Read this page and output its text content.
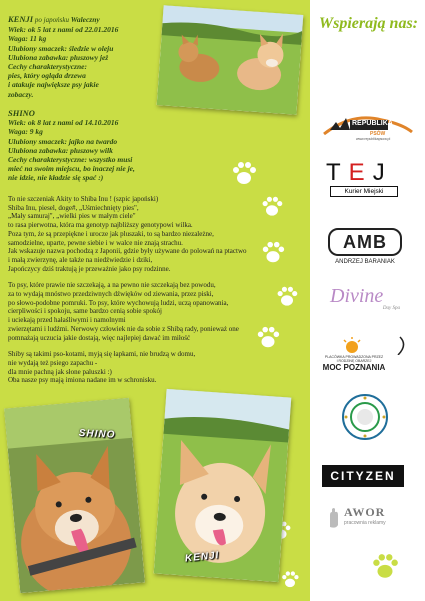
KENJI po japońsku Waleczny
Wiek: ok 5 lat z nami od 22.01.2016
Waga: 11 kg
Ulubiony smaczek: śledzie w oleju
Ulubiona zabawka: pluszowy jeż
Cechy charakterystyczne:
pies, który ogląda drzewa
i atakuje największe psy jakie
zobaczy.
SHINO
Wiek: ok 8 lat z nami od 14.10.2016
Waga: 9 kg
Ulubiony smaczek: jajko na twardo
Ulubiona zabawka: pluszowy wilk
Cechy charakterystyczne: wszystko musi
mieć na swoim miejscu, bo inaczej nie je,
nie idzie, nie kładzie się spać :)
To nie szczeniak Akity to Shiba Inu ! (szpic japoński)
Shiba Inu, piesel, doge#, „Uśmiechnięty pies",
„Mały samuraj", „wielki pies w małym ciele"
to rasa pierwotna, która ma genotyp najbliższy genotypowi wilka.
Poza tym, że są przepiękne i urocze jak pluszaki, to są bardzo niezależne,
samodzielne, uparte, pewne siebie i w walce nie znają strachu.
Jak wskazuje nazwa pochodzą z Japonii, gdzie były używane do polowań na ptactwo
i małą zwierzynę, ale także na niedźwiedzie i dziki,
Japończycy dziś traktują je przeważnie jako psy rodzinne.
To psy, które prawie nie szczekają, a na pewno nie szczekają bez powodu,
za to wydają mnóstwo przedziwnych dźwięków od ziewania, przez piski,
po słowo-podobne pomruki. To psy, które wychowują ludzi, uczą opanowania,
cierpliwości i spokoju, same bardzo cenią sobie spokój
i uciekają przed hałaśliwymi i namolnymi
zwierzętami i ludźmi. Nerwowy człowiek nie da sobie z Shibą rady, ponieważ one
pomnażają uczucia jakie dostają, więc najlepiej dawać im miłość
Shiby są takimi pso-kotami, myją się łapkami, nie brudzą w domu,
nie wydają też psiego zapachu -
dla mnie pachną jak słone paluszki :)
Oba nasze psy mają imiona nadane im w schronisku.
SHINO
KENJI
Wspierają nas:
REPUBLIKA
PSÓW
www.republikapsow.pl
TEJ
Kurier Miejski
AMB
ANDRZEJ BARANIAK
Divine
Day Spa
PLACÓWKA PROWADZONA PRZEZ
I RODZINĘ OBARZEJ
MOC POZNANIA
CITYZEN
AWOR
pracownia reklamy
